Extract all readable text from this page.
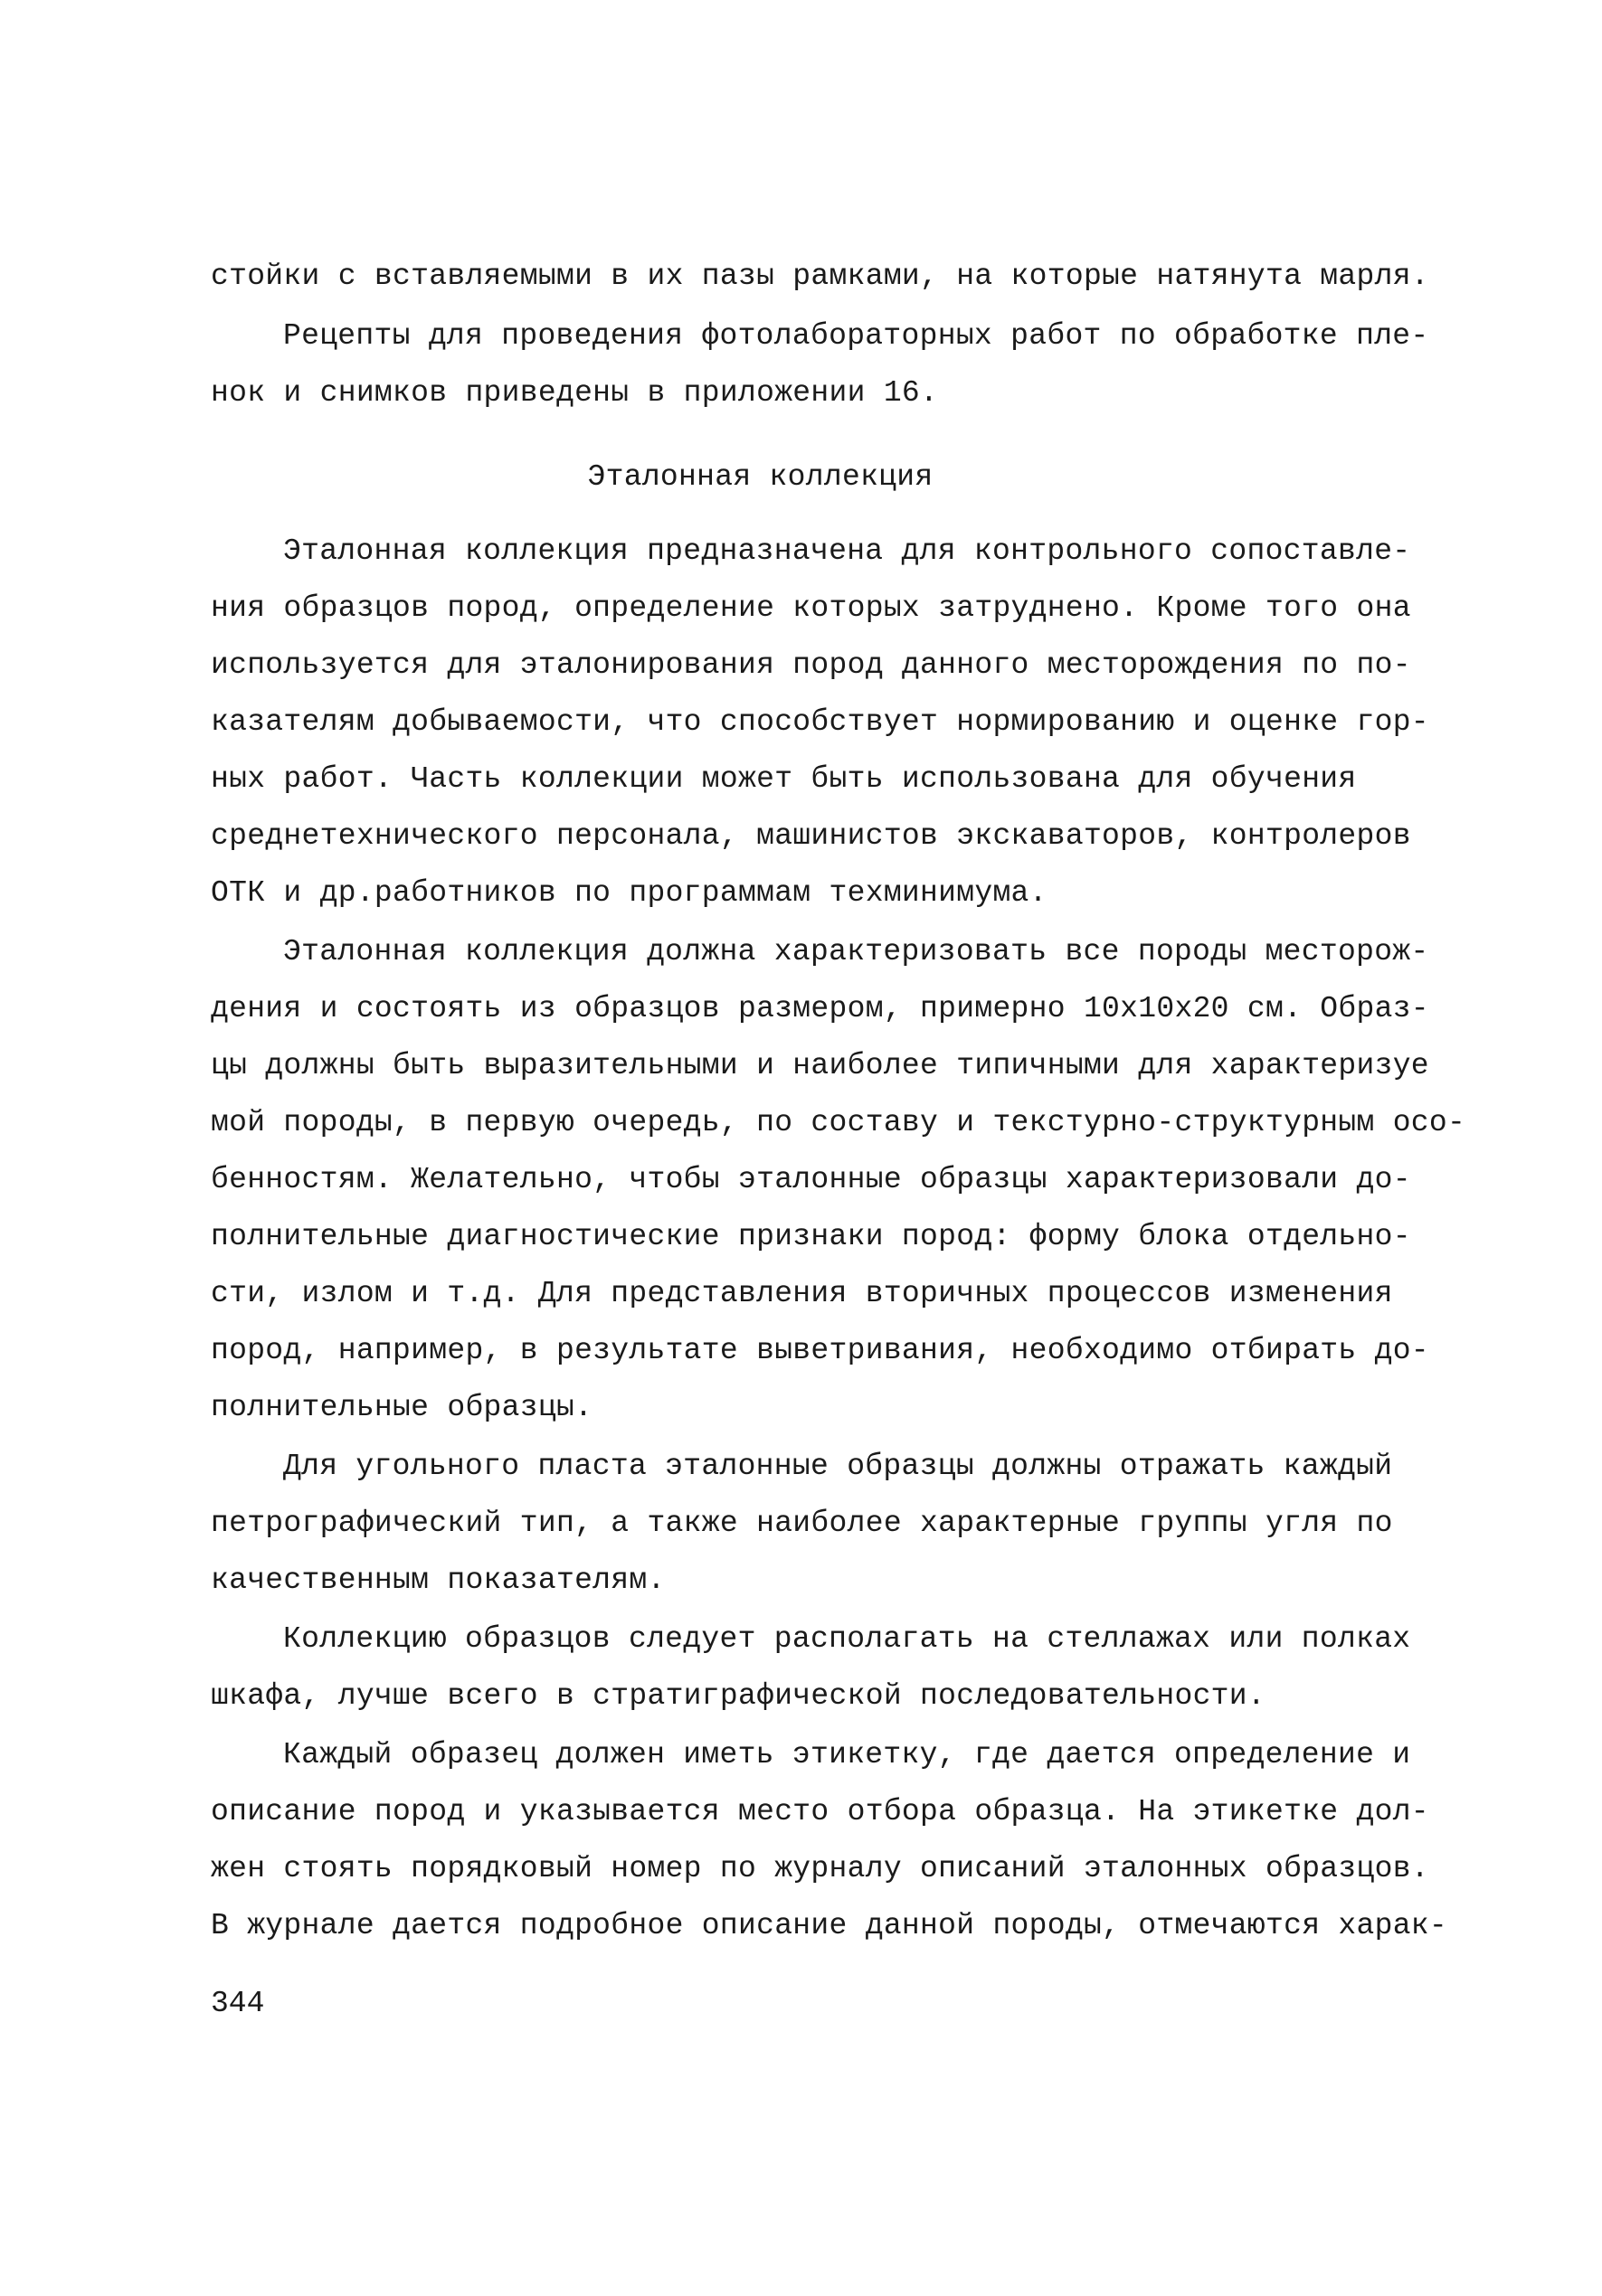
стойки с вставляемыми в их пазы рамками, на которые натянута марля.
Рецепты для проведения фотолабораторных работ по обработке пле-
нок и снимков приведены в приложении 16.
Эталонная коллекция
Эталонная коллекция предназначена для контрольного сопоставле-
ния образцов пород, определение которых затруднено. Кроме того она
используется для эталонирования пород данного месторождения по по-
казателям добываемости, что способствует нормированию и оценке гор-
ных работ. Часть коллекции может быть использована для обучения
среднетехнического персонала, машинистов экскаваторов, контролеров
ОТК и др.работников по программам техминимума.
Эталонная коллекция должна характеризовать все породы месторож-
дения и состоять из образцов размером, примерно 10х10х20 см. Образ-
цы должны быть выразительными и наиболее типичными для характеризуе
мой породы, в первую очередь, по составу и текстурно-структурным осо-
бенностям. Желательно, чтобы эталонные образцы характеризовали до-
полнительные диагностические признаки пород: форму блока отдельно-
сти, излом и т.д. Для представления вторичных процессов изменения
пород, например, в результате выветривания, необходимо отбирать до-
полнительные образцы.
Для угольного пласта эталонные образцы должны отражать каждый
петрографический тип, а также наиболее характерные группы угля по
качественным показателям.
Коллекцию образцов следует располагать на стеллажах или полках
шкафа, лучше всего в стратиграфической последовательности.
Каждый образец должен иметь этикетку, где дается определение и
описание пород и указывается место отбора образца. На этикетке дол-
жен стоять порядковый номер по журналу описаний эталонных образцов.
В журнале дается подробное описание данной породы, отмечаются харак-
344
